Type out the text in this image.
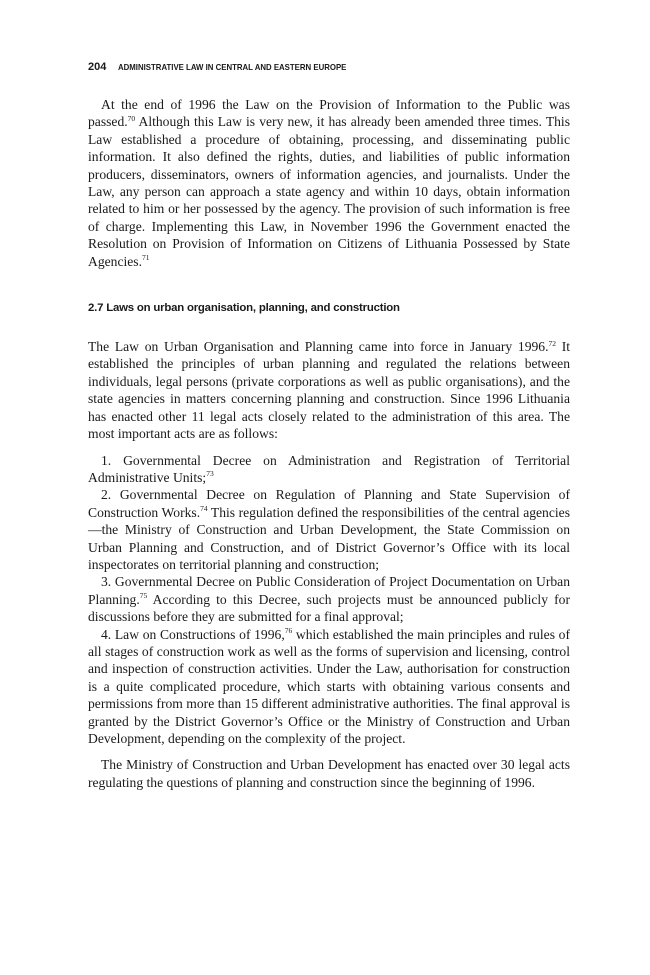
204 ADMINISTRATIVE LAW IN CENTRAL AND EASTERN EUROPE

At the end of 1996 the Law on the Provision of Information to the Public was passed.$^{70}$ Although this Law is very new, it has already been amended three times. This Law established a procedure of obtaining, processing, and disseminating public information. It also defined the rights, duties, and liabilities of public information producers, disseminators, owners of information agencies, and journalists. Under the Law, any person can approach a state agency and within 10 days, obtain information related to him or her possessed by the agency. The provision of such information is free of charge. Implementing this Law, in November 1996 the Government enacted the Resolution on Provision of Information on Citizens of Lithuania Possessed by State Agencies.$^{71}$

2.7 Laws on urban organisation, planning, and construction

The Law on Urban Organisation and Planning came into force in January 1996.72 It established the principles of urban planning and regulated the relations between individuals, legal persons (private corporations as well as public organisations), and the state agencies in matters concerning planning and construction. Since 1996 Lithuania has enacted other 11 legal acts closely related to the administration of this area. The most important acts are as follows:

1. Governmental Decree on Administration and Registration of Territorial Administrative Units;$^{73}$

2. Governmental Decree on Regulation of Planning and State Supervision of Construction Works.$^{74}$ This regulation defined the responsibilities of the central agencies—the Ministry of Construction and Urban Development, the State Commission on Urban Planning and Construction, and of District Governor’s Office with its local inspectorates on territorial planning and construction;

3. Governmental Decree on Public Consideration of Project Documentation on Urban Planning.$^{75}$ According to this Decree, such projects must be announced publicly for discussions before they are submitted for a final approval;

4. Law on Constructions of 1996,76 which established the main principles and rules of all stages of construction work as well as the forms of supervision and licensing, control and inspection of construction activities. Under the Law, authorisation for construction is a quite complicated procedure, which starts with obtaining various consents and permissions from more than 15 different administrative authorities. The final approval is granted by the District Governor’s Office or the Ministry of Construction and Urban Development, depending on the complexity of the project.

The Ministry of Construction and Urban Development has enacted over 30 legal acts regulating the questions of planning and construction since the beginning of 1996.
